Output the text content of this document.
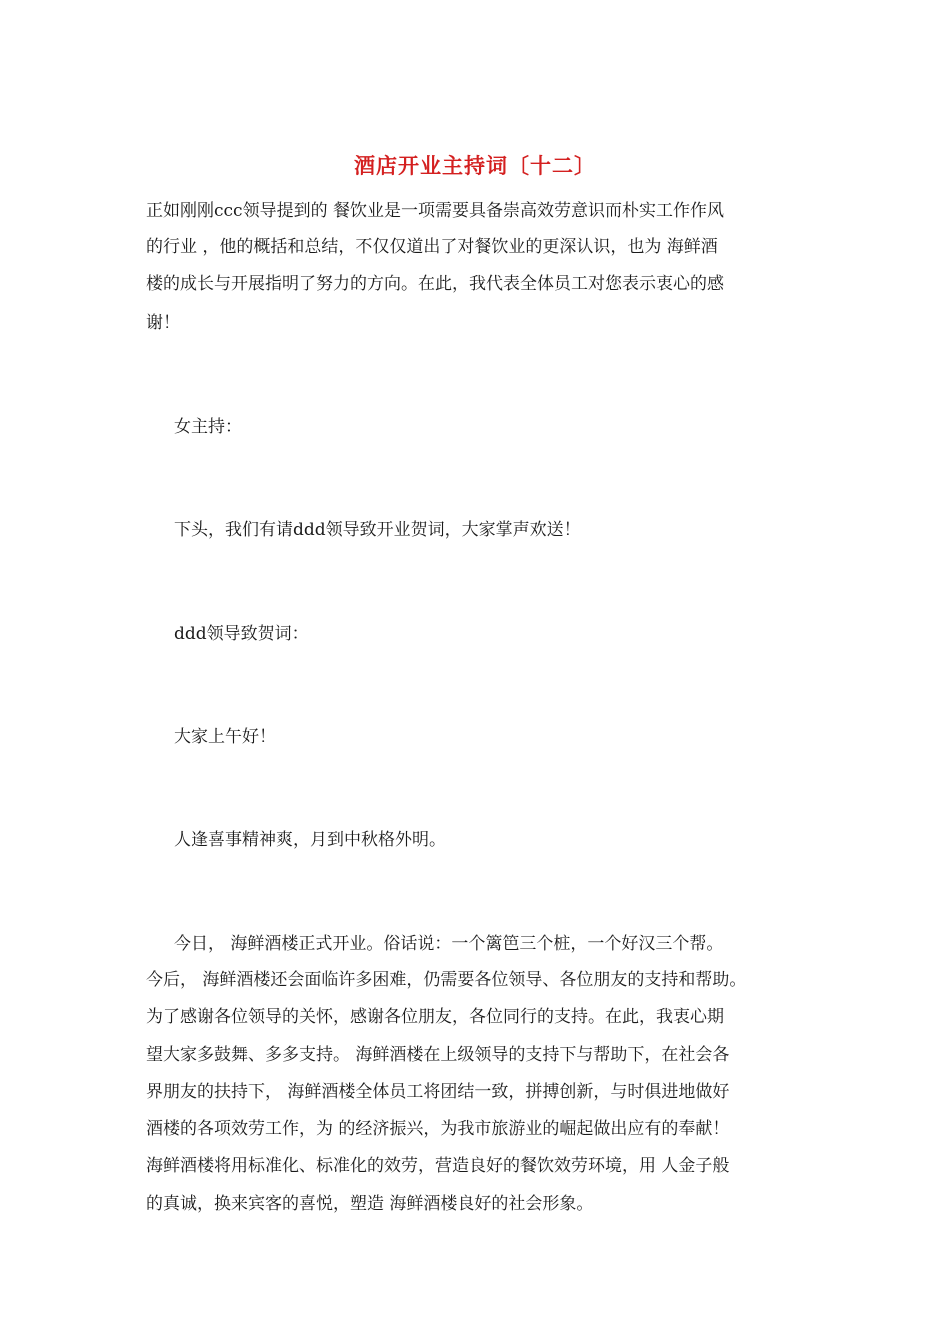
酒店开业主持词〔十二〕
正如刚刚ccc领导提到的 餐饮业是一项需要具备崇高效劳意识而朴实工作作风
的行业 ，他的概括和总结，不仅仅道出了对餐饮业的更深认识，也为 海鲜酒
楼的成长与开展指明了努力的方向。在此，我代表全体员工对您表示衷心的感
谢！
女主持：
下头，我们有请ddd领导致开业贺词，大家掌声欢送！
ddd领导致贺词：
大家上午好！
人逢喜事精神爽，月到中秋格外明。
今日， 海鲜酒楼正式开业。俗话说：一个篱笆三个桩，一个好汉三个帮。
今后， 海鲜酒楼还会面临许多困难，仍需要各位领导、各位朋友的支持和帮助。
为了感谢各位领导的关怀，感谢各位朋友，各位同行的支持。在此，我衷心期
望大家多鼓舞、多多支持。 海鲜酒楼在上级领导的支持下与帮助下，在社会各
界朋友的扶持下， 海鲜酒楼全体员工将团结一致，拼搏创新，与时俱进地做好
酒楼的各项效劳工作，为 的经济振兴，为我市旅游业的崛起做出应有的奉献！
海鲜酒楼将用标准化、标准化的效劳，营造良好的餐饮效劳环境，用 人金子般
的真诚，换来宾客的喜悦，塑造 海鲜酒楼良好的社会形象。
